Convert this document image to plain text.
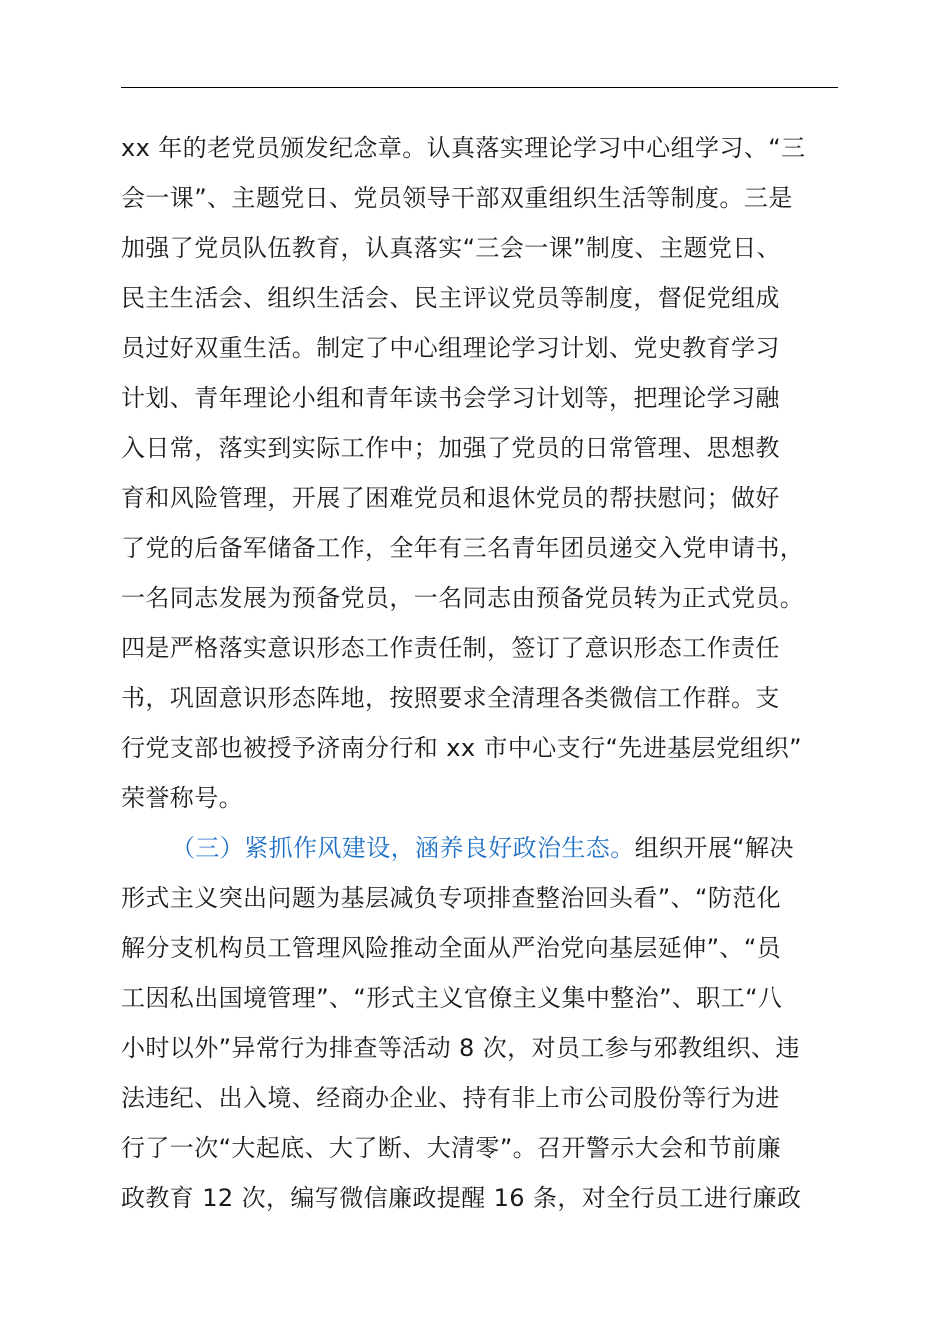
xx 年的老党员颁发纪念章。认真落实理论学习中心组学习、“三
会一课”、主题党日、党员领导干部双重组织生活等制度。三是
加强了党员队伍教育，认真落实“三会一课”制度、主题党日、
民主生活会、组织生活会、民主评议党员等制度，督促党组成
员过好双重生活。制定了中心组理论学习计划、党史教育学习
计划、青年理论小组和青年读书会学习计划等，把理论学习融
入日常，落实到实际工作中；加强了党员的日常管理、思想教
育和风险管理，开展了困难党员和退休党员的帮扶慰问；做好
了党的后备军储备工作，全年有三名青年团员递交入党申请书，
一名同志发展为预备党员，一名同志由预备党员转为正式党员。
四是严格落实意识形态工作责任制，签订了意识形态工作责任
书，巩固意识形态阵地，按照要求全清理各类微信工作群。支
行党支部也被授予济南分行和 xx 市中心支行“先进基层党组织”
荣誉称号。
（三）紧抓作风建设，涵养良好政治生态。组织开展“解决
形式主义突出问题为基层减负专项排查整治回头看”、“防范化
解分支机构员工管理风险推动全面从严治党向基层延伸”、“员
工因私出国境管理”、“形式主义官僚主义集中整治”、职工“八
小时以外”异常行为排查等活动 8 次，对员工参与邪教组织、违
法违纪、出入境、经商办企业、持有非上市公司股份等行为进
行了一次“大起底、大了断、大清零”。召开警示大会和节前廉
政教育 12 次，编写微信廉政提醒 16 条，对全行员工进行廉政
